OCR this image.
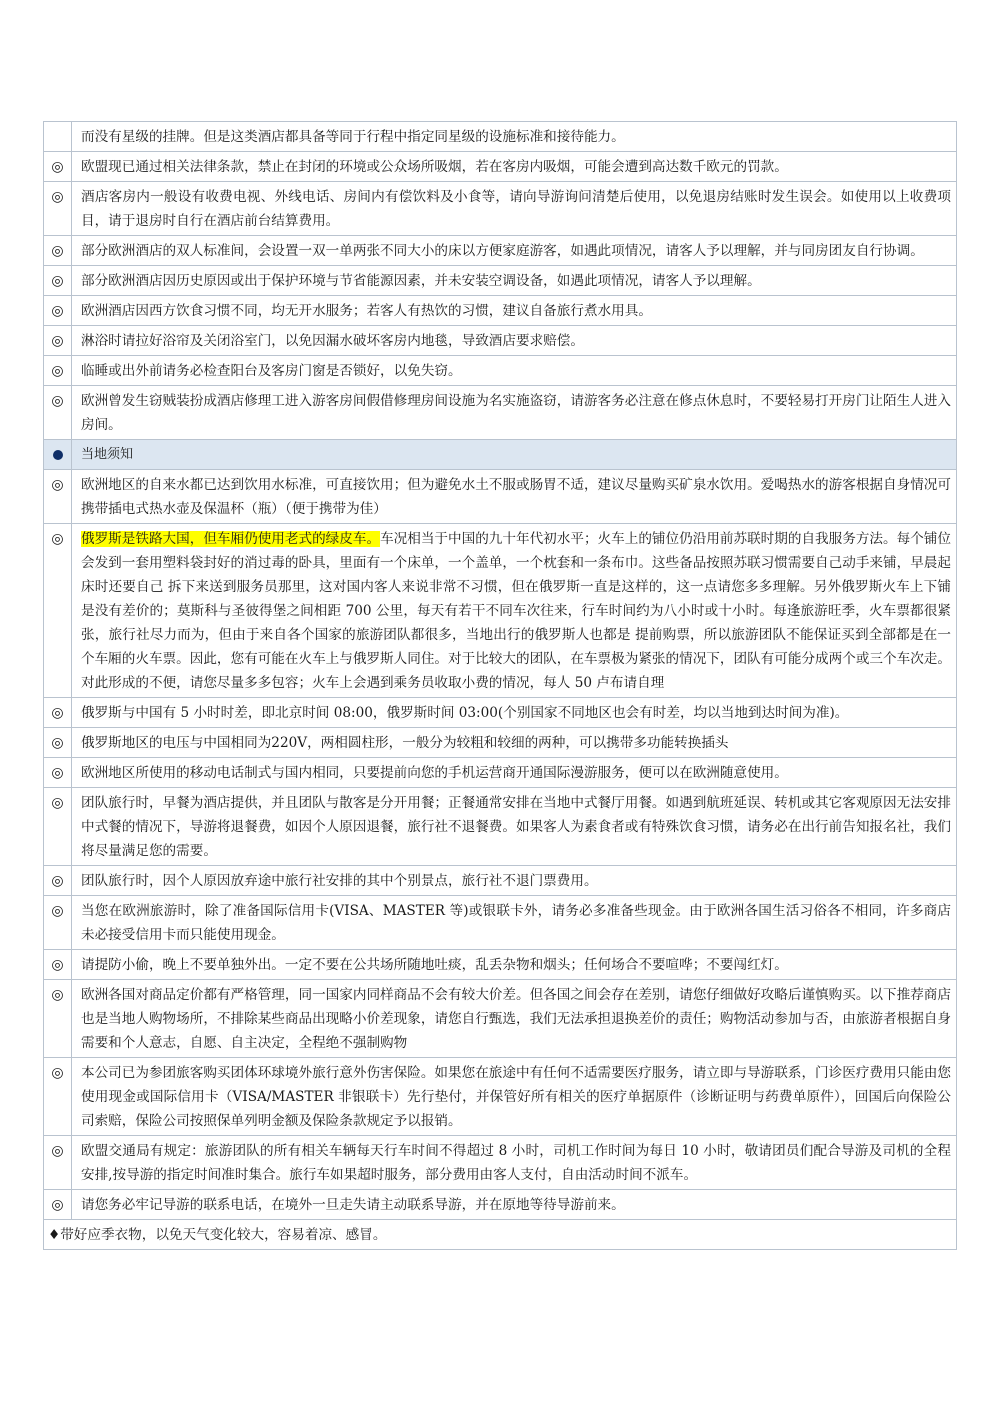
	而没有星级的挂牌。但是这类酒店都具备等同于行程中指定同星级的设施标准和接待能力。
◎	欧盟现已通过相关法律条款，禁止在封闭的环境或公众场所吸烟，若在客房内吸烟，可能会遭到高达数千欧元的罚款。
◎	酒店客房内一般设有收费电视、外线电话、房间内有偿饮料及小食等，请向导游询问清楚后使用，以免退房结账时发生误会。如使用以上收费项目，请于退房时自行在酒店前台结算费用。
◎	部分欧洲酒店的双人标准间，会设置一双一单两张不同大小的床以方便家庭游客，如遇此项情况，请客人予以理解，并与同房团友自行协调。
◎	部分欧洲酒店因历史原因或出于保护环境与节省能源因素，并未安装空调设备，如遇此项情况，请客人予以理解。
◎	欧洲酒店因西方饮食习惯不同，均无开水服务；若客人有热饮的习惯，建议自备旅行煮水用具。
◎	淋浴时请拉好浴帘及关闭浴室门，以免因漏水破坏客房内地毯，导致酒店要求赔偿。
◎	临睡或出外前请务必检查阳台及客房门窗是否锁好，以免失窃。
◎	欧洲曾发生窃贼装扮成酒店修理工进入游客房间假借修理房间设施为名实施盗窃，请游客务必注意在修点休息时，不要轻易打开房门让陌生人进入房间。
	当地须知
◎	欧洲地区的自来水都已达到饮用水标准，可直接饮用；但为避免水土不服或肠胃不适，建议尽量购买矿泉水饮用。爱喝热水的游客根据自身情况可携带插电式热水壶及保温杯（瓶）（便于携带为佳）
◎	俄罗斯是铁路大国，但车厢仍使用老式的绿皮车。车况相当于中国的九十年代初水平；火车上的铺位仍沿用前苏联时期的自我服务方法。每个铺位会发到一套用塑料袋封好的消过毒的卧具，里面有一个床单，一个盖单，一个枕套和一条布巾。这些备品按照苏联习惯需要自己动手来铺，早晨起床时还要自己 拆下来送到服务员那里，这对国内客人来说非常不习惯，但在俄罗斯一直是这样的，这一点请您多多理解。另外俄罗斯火车上下铺是没有差价的；莫斯科与圣彼得堡之间相距 700 公里，每天有若干不同车次往来，行车时间约为八小时或十小时。每逢旅游旺季，火车票都很紧张，旅行社尽力而为，但由于来自各个国家的旅游团队都很多，当地出行的俄罗斯人也都是 提前购票，所以旅游团队不能保证买到全部都是在一个车厢的火车票。因此，您有可能在火车上与俄罗斯人同住。对于比较大的团队，在车票极为紧张的情况下，团队有可能分成两个或三个车次走。对此形成的不便，请您尽量多多包容；火车上会遇到乘务员收取小费的情况，每人 50 卢布请自理
◎	俄罗斯与中国有 5 小时时差，即北京时间 08:00，俄罗斯时间 03:00(个别国家不同地区也会有时差，均以当地到达时间为准)。
◎	俄罗斯地区的电压与中国相同为220V，两相圆柱形，一般分为较粗和较细的两种，可以携带多功能转换插头
◎	欧洲地区所使用的移动电话制式与国内相同，只要提前向您的手机运营商开通国际漫游服务，便可以在欧洲随意使用。
◎	团队旅行时，早餐为酒店提供，并且团队与散客是分开用餐；正餐通常安排在当地中式餐厅用餐。如遇到航班延误、转机或其它客观原因无法安排中式餐的情况下，导游将退餐费，如因个人原因退餐，旅行社不退餐费。如果客人为素食者或有特殊饮食习惯，请务必在出行前告知报名社，我们将尽量满足您的需要。
◎	团队旅行时，因个人原因放弃途中旅行社安排的其中个别景点，旅行社不退门票费用。
◎	当您在欧洲旅游时，除了准备国际信用卡(VISA、MASTER 等)或银联卡外，请务必多准备些现金。由于欧洲各国生活习俗各不相同，许多商店未必接受信用卡而只能使用现金。
◎	请提防小偷，晚上不要单独外出。一定不要在公共场所随地吐痰，乱丢杂物和烟头；任何场合不要喧哗；不要闯红灯。
◎	欧洲各国对商品定价都有严格管理，同一国家内同样商品不会有较大价差。但各国之间会存在差别，请您仔细做好攻略后谨慎购买。以下推荐商店也是当地人购物场所，不排除某些商品出现略小价差现象，请您自行甄选，我们无法承担退换差价的责任；购物活动参加与否，由旅游者根据自身需要和个人意志，自愿、自主决定，全程绝不强制购物
◎	本公司已为参团旅客购买团体环球境外旅行意外伤害保险。如果您在旅途中有任何不适需要医疗服务，请立即与导游联系，门诊医疗费用只能由您使用现金或国际信用卡（VISA/MASTER 非银联卡）先行垫付，并保管好所有相关的医疗单据原件（诊断证明与药费单原件），回国后向保险公司索赔，保险公司按照保单列明金额及保险条款规定予以报销。
◎	欧盟交通局有规定：旅游团队的所有相关车辆每天行车时间不得超过 8 小时，司机工作时间为每日 10 小时，敬请团员们配合导游及司机的全程安排,按导游的指定时间准时集合。旅行车如果超时服务，部分费用由客人支付，自由活动时间不派车。
◎	请您务必牢记导游的联系电话，在境外一旦走失请主动联系导游，并在原地等待导游前来。
♦带好应季衣物，以免天气变化较大，容易着凉、感冒。	
